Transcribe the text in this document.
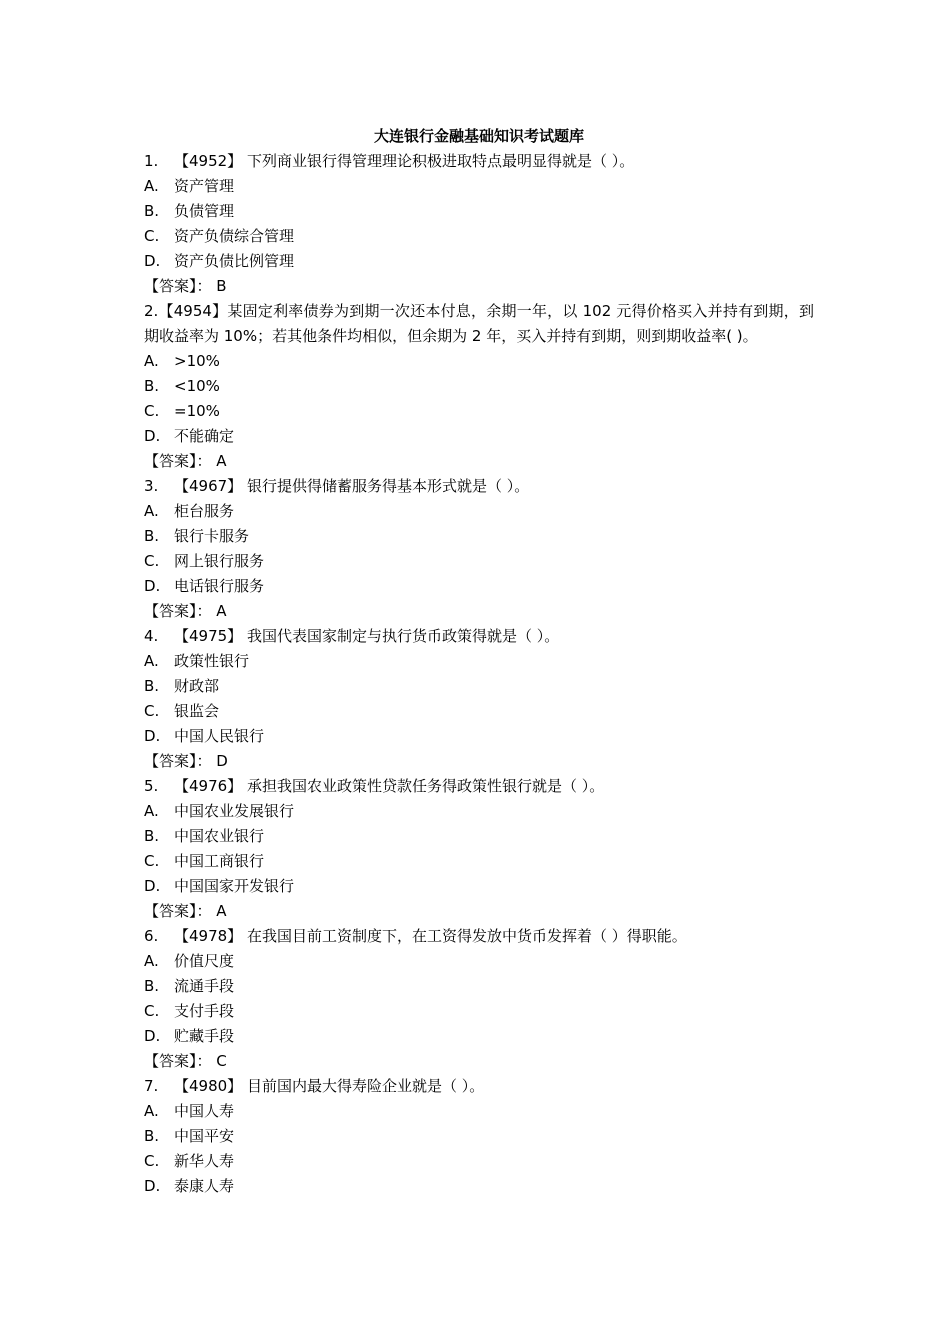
大连银行金融基础知识考试题库
1. 【4952】 下列商业银行得管理理论积极进取特点最明显得就是（ ）。
A. 资产管理
B. 负债管理
C. 资产负债综合管理
D. 资产负债比例管理
【答案】： B
2.【4954】某固定利率债券为到期一次还本付息，余期一年，以 102 元得价格买入并持有到期，到期收益率为 10%；若其他条件均相似，但余期为 2 年，买入并持有到期，则到期收益率( )。
A. >10%
B. <10%
C. =10%
D. 不能确定
【答案】： A
3. 【4967】 银行提供得储蓄服务得基本形式就是（ ）。
A. 柜台服务
B. 银行卡服务
C. 网上银行服务
D. 电话银行服务
【答案】： A
4. 【4975】 我国代表国家制定与执行货币政策得就是（ ）。
A. 政策性银行
B. 财政部
C. 银监会
D. 中国人民银行
【答案】： D
5. 【4976】 承担我国农业政策性贷款任务得政策性银行就是（ ）。
A. 中国农业发展银行
B. 中国农业银行
C. 中国工商银行
D. 中国国家开发银行
【答案】： A
6. 【4978】 在我国目前工资制度下，在工资得发放中货币发挥着（ ）得职能。
A. 价值尺度
B. 流通手段
C. 支付手段
D. 贮藏手段
【答案】： C
7. 【4980】 目前国内最大得寿险企业就是（ ）。
A. 中国人寿
B. 中国平安
C. 新华人寿
D. 泰康人寿
